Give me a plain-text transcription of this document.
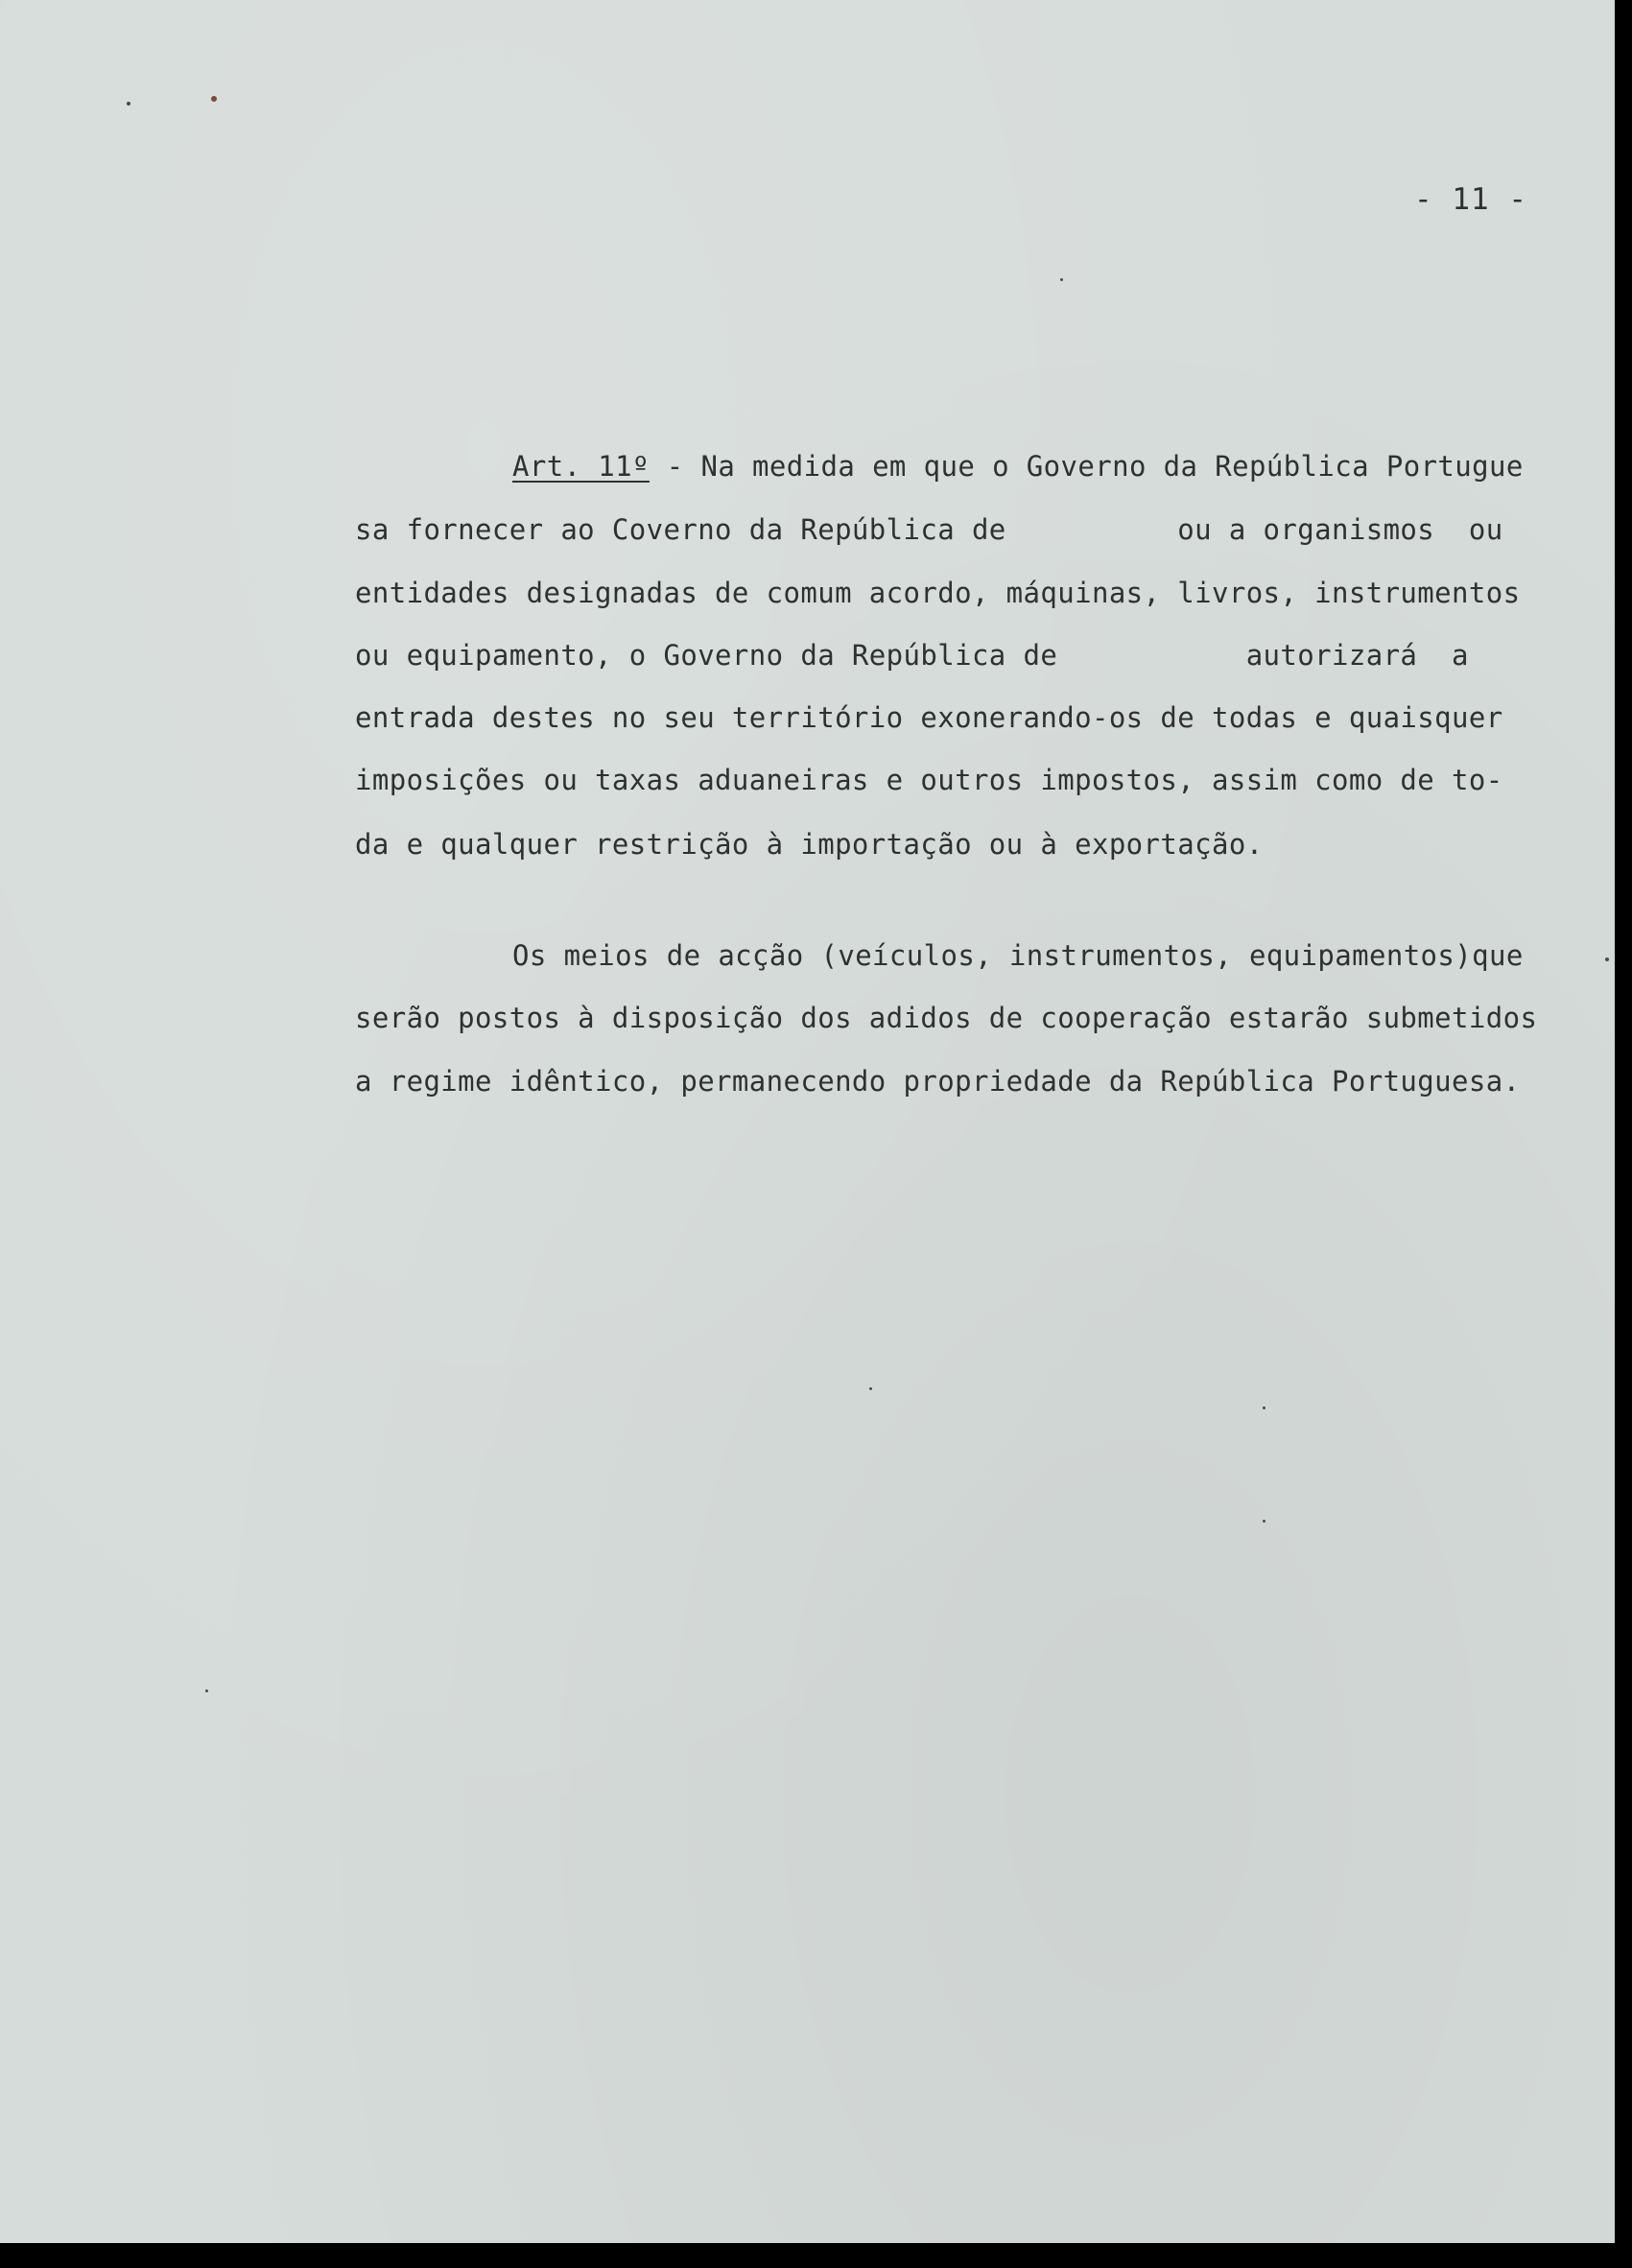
- 11 -
Art. 11º - Na medida em que o Governo da República Portugue
sa fornecer ao Coverno da República de          ou a organismos  ou
entidades designadas de comum acordo, máquinas, livros, instrumentos
ou equipamento, o Governo da República de           autorizará  a
entrada destes no seu território exonerando-os de todas e quaisquer
imposições ou taxas aduaneiras e outros impostos, assim como de to-
da e qualquer restrição à importação ou à exportação.
Os meios de acção (veículos, instrumentos, equipamentos)que
serão postos à disposição dos adidos de cooperação estarão submetidos
a regime idêntico, permanecendo propriedade da República Portuguesa.
